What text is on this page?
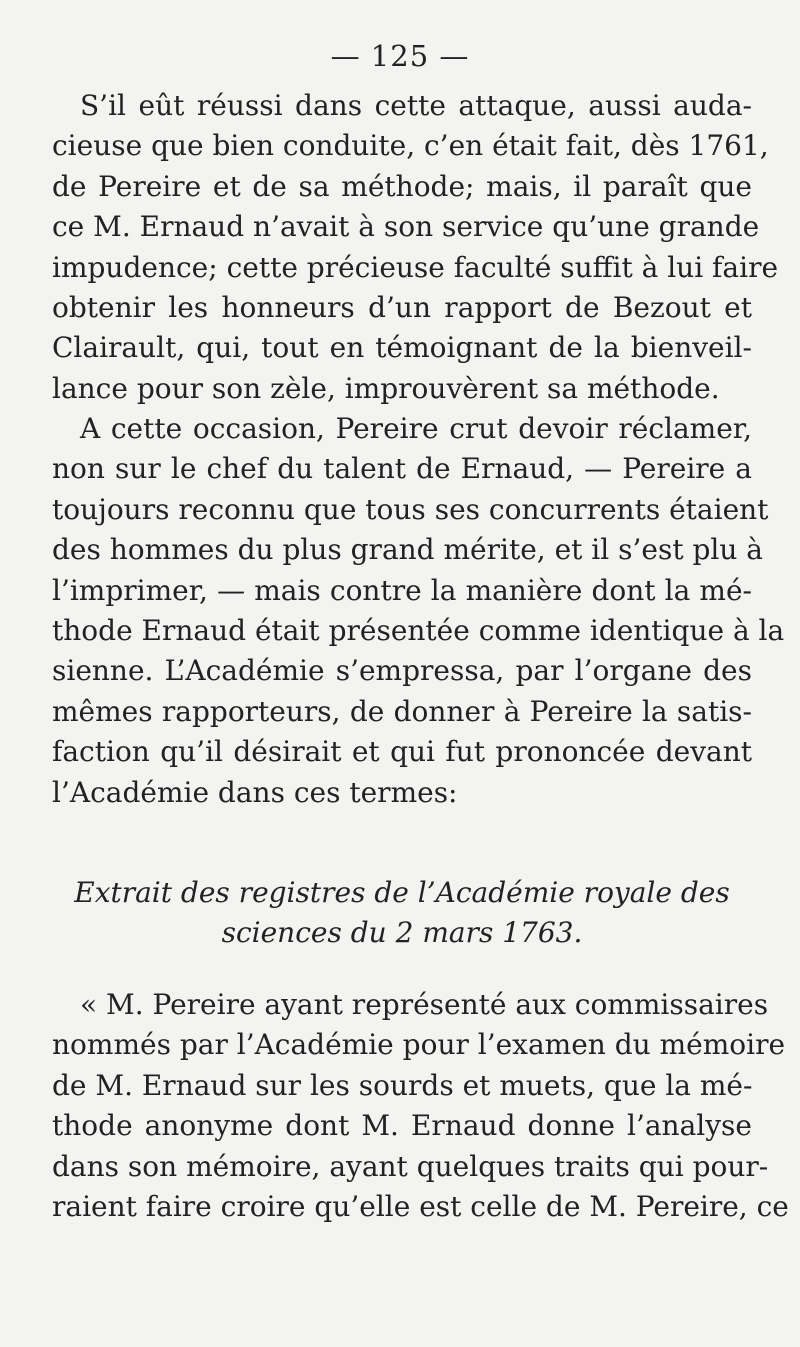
— 125 —
S’il eût réussi dans cette attaque, aussi auda-
cieuse que bien conduite, c’en était fait, dès 1761,
de Pereire et de sa méthode; mais, il paraît que
ce M. Ernaud n’avait à son service qu’une grande
impudence; cette précieuse faculté suffit à lui faire
obtenir les honneurs d’un rapport de Bezout et
Clairault, qui, tout en témoignant de la bienveil-
lance pour son zèle, improuvèrent sa méthode.
A cette occasion, Pereire crut devoir réclamer,
non sur le chef du talent de Ernaud, — Pereire a
toujours reconnu que tous ses concurrents étaient
des hommes du plus grand mérite, et il s’est plu à
l’imprimer, — mais contre la manière dont la mé-
thode Ernaud était présentée comme identique à la
sienne. L’Académie s’empressa, par l’organe des
mêmes rapporteurs, de donner à Pereire la satis-
faction qu’il désirait et qui fut prononcée devant
l’Académie dans ces termes:
Extrait des registres de l’Académie royale des
sciences du 2 mars 1763.
« M. Pereire ayant représenté aux commissaires
nommés par l’Académie pour l’examen du mémoire
de M. Ernaud sur les sourds et muets, que la mé-
thode anonyme dont M. Ernaud donne l’analyse
dans son mémoire, ayant quelques traits qui pour-
raient faire croire qu’elle est celle de M. Pereire, ce
